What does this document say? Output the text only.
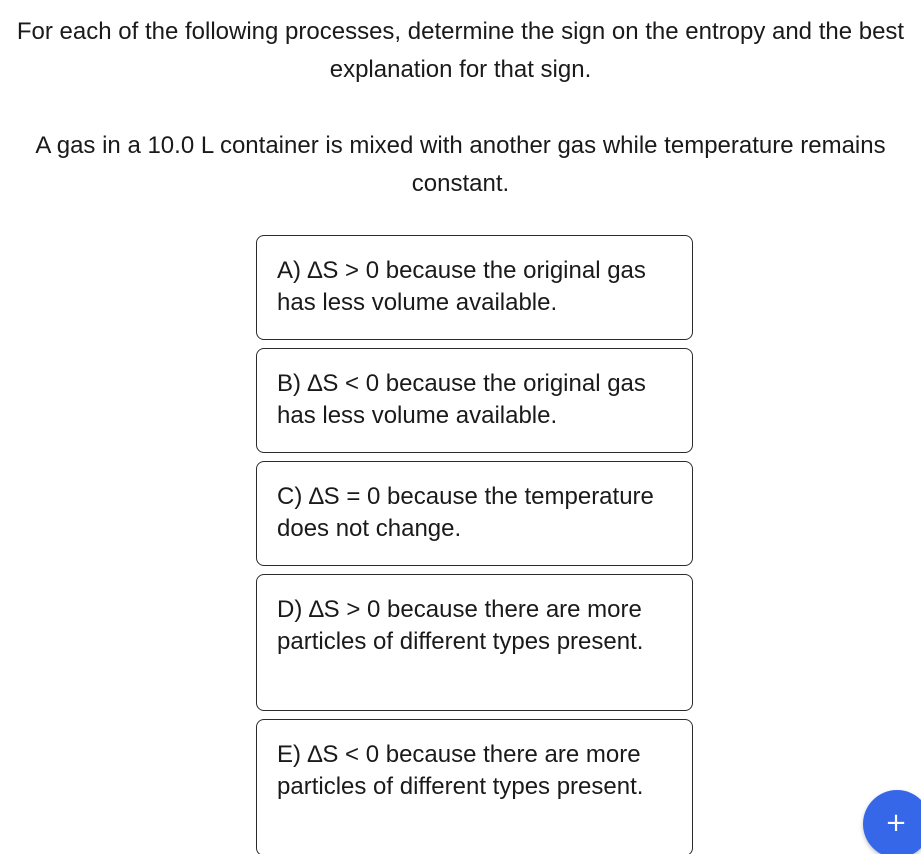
For each of the following processes, determine the sign on the entropy and the best explanation for that sign.

A gas in a 10.0 L container is mixed with another gas while temperature remains constant.

A) ∆S > 0 because the original gas has less volume available.
B) ∆S < 0 because the original gas has less volume available.
C) ∆S = 0 because the temperature does not change.
D) ∆S > 0 because there are more particles of different types present.
E) ∆S < 0 because there are more particles of different types present.
+
